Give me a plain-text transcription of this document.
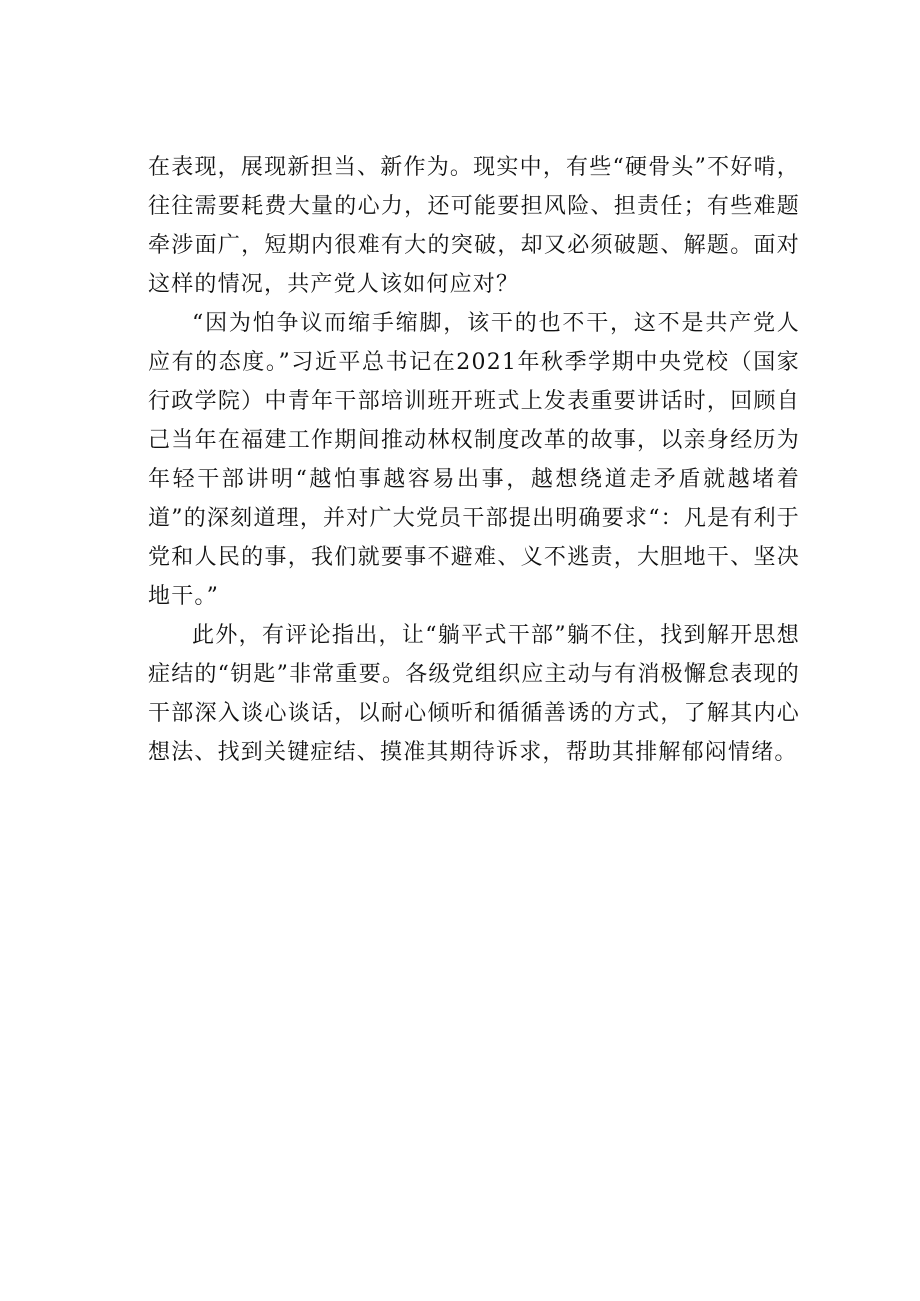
在表现，展现新担当、新作为。现实中，有些“硬骨头”不好啃，往往需要耗费大量的心力，还可能要担风险、担责任；有些难题牵涉面广，短期内很难有大的突破，却又必须破题、解题。面对这样的情况，共产党人该如何应对？

“因为怕争议而缩手缩脚，该干的也不干，这不是共产党人应有的态度。”习近平总书记在2021年秋季学期中央党校（国家行政学院）中青年干部培训班开班式上发表重要讲话时，回顾自己当年在福建工作期间推动林权制度改革的故事，以亲身经历为年轻干部讲明“越怕事越容易出事，越想绕道走矛盾就越堵着道”的深刻道理，并对广大党员干部提出明确要求“：凡是有利于党和人民的事，我们就要事不避难、义不逃责，大胆地干、坚决地干。”

此外，有评论指出，让“躺平式干部”躺不住，找到解开思想症结的“钥匙”非常重要。各级党组织应主动与有消极懈怠表现的干部深入谈心谈话，以耐心倾听和循循善诱的方式，了解其内心想法、找到关键症结、摸准其期待诉求，帮助其排解郁闷情绪。
